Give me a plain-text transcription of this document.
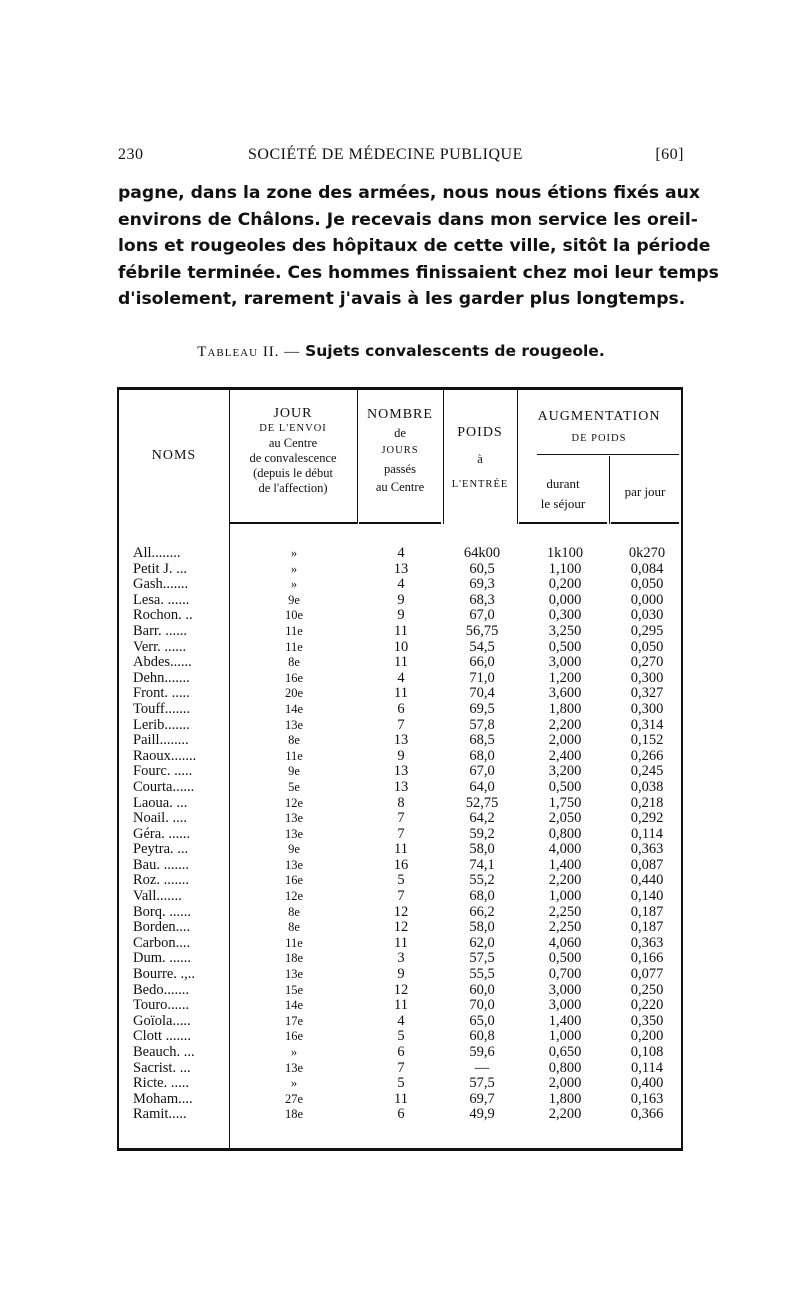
230	SOCIÉTÉ DE MÉDECINE PUBLIQUE	[60]
pagne, dans la zone des armées, nous nous étions fixés aux
environs de Châlons. Je recevais dans mon service les oreil-
lons et rougeoles des hôpitaux de cette ville, sitôt la période
fébrile terminée. Ces hommes finissaient chez moi leur temps
d'isolement, rarement j'avais à les garder plus longtemps.
Tableau II. — Sujets convalescents de rougeole.
NOMS
JOUR
DE L'ENVOI
au Centre
de convalescence
(depuis le début
de l'affection)
NOMBRE
de
JOURS
passés
au Centre
POIDS
à
L'ENTRÉE
AUGMENTATION
DE POIDS
durant
le séjour
par jour
All........	»	4	64k00	1k100	0k270
Petit J. ...	»	13	60,5	1,100	0,084
Gash.......	»	4	69,3	0,200	0,050
Lesa. ......	9e	9	68,3	0,000	0,000
Rochon. ..	10e	9	67,0	0,300	0,030
Barr. ......	11e	11	56,75	3,250	0,295
Verr. ......	11e	10	54,5	0,500	0,050
Abdes......	8e	11	66,0	3,000	0,270
Dehn.......	16e	4	71,0	1,200	0,300
Front. .....	20e	11	70,4	3,600	0,327
Touff.......	14e	6	69,5	1,800	0,300
Lerib.......	13e	7	57,8	2,200	0,314
Paill........	8e	13	68,5	2,000	0,152
Raoux.......	11e	9	68,0	2,400	0,266
Fourc. .....	9e	13	67,0	3,200	0,245
Courta......	5e	13	64,0	0,500	0,038
Laoua. ...	12e	8	52,75	1,750	0,218
Noail. ....	13e	7	64,2	2,050	0,292
Géra. ......	13e	7	59,2	0,800	0,114
Peytra. ...	9e	11	58,0	4,000	0,363
Bau. .......	13e	16	74,1	1,400	0,087
Roz. .......	16e	5	55,2	2,200	0,440
Vall.......	12e	7	68,0	1,000	0,140
Borq. ......	8e	12	66,2	2,250	0,187
Borden....	8e	12	58,0	2,250	0,187
Carbon....	11e	11	62,0	4,060	0,363
Dum. ......	18e	3	57,5	0,500	0,166
Bourre. .,..	13e	9	55,5	0,700	0,077
Bedo.......	15e	12	60,0	3,000	0,250
Touro......	14e	11	70,0	3,000	0,220
Goïola.....	17e	4	65,0	1,400	0,350
Clott .......	16e	5	60,8	1,000	0,200
Beauch. ...	»	6	59,6	0,650	0,108
Sacrist. ...	13e	7	—	0,800	0,114
Ricte. .....	»	5	57,5	2,000	0,400
Moham....	27e	11	69,7	1,800	0,163
Ramit.....	18e	6	49,9	2,200	0,366
